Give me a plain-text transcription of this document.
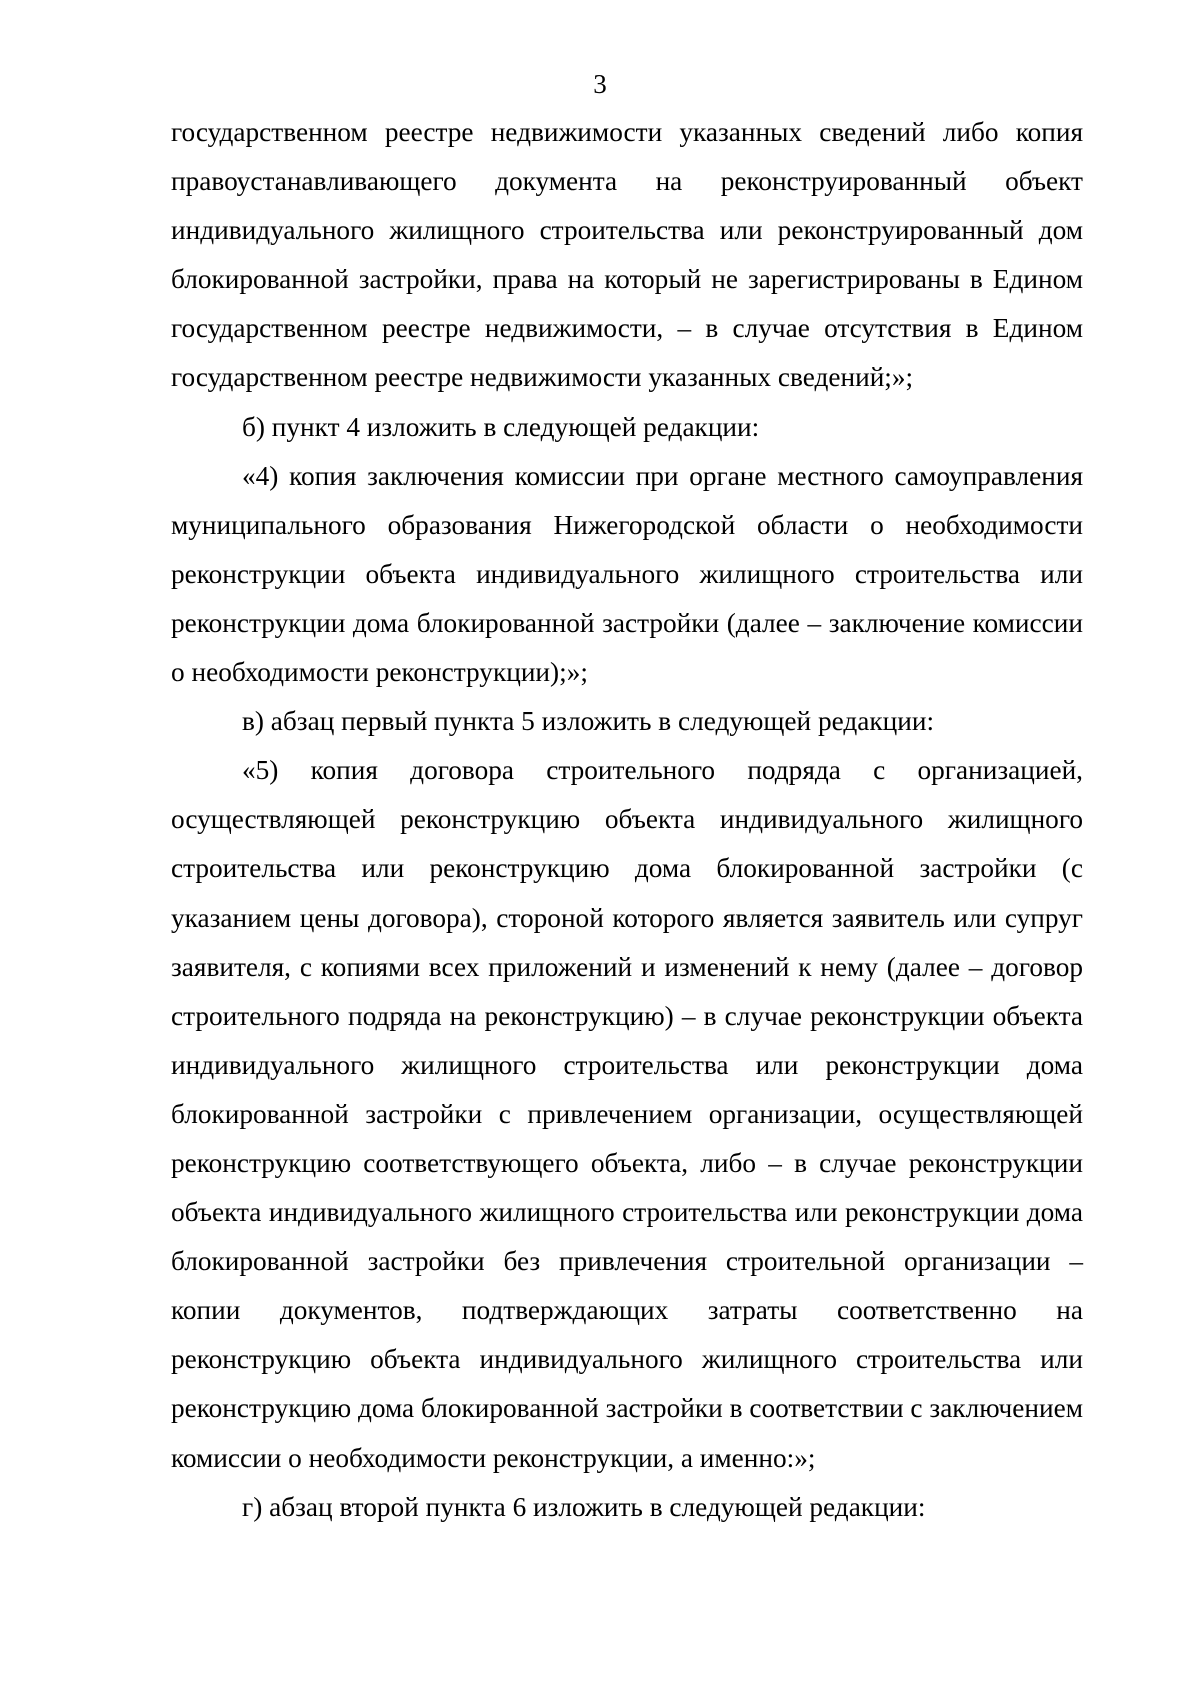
3

государственном реестре недвижимости указанных сведений либо копия правоустанавливающего документа на реконструированный объект индивидуального жилищного строительства или реконструированный дом блокированной застройки, права на который не зарегистрированы в Едином государственном реестре недвижимости, – в случае отсутствия в Едином государственном реестре недвижимости указанных сведений;»;

б) пункт 4 изложить в следующей редакции:

«4) копия заключения комиссии при органе местного самоуправления муниципального образования Нижегородской области о необходимости реконструкции объекта индивидуального жилищного строительства или реконструкции дома блокированной застройки (далее – заключение комиссии о необходимости реконструкции);»;

в) абзац первый пункта 5 изложить в следующей редакции:

«5) копия договора строительного подряда с организацией, осуществляющей реконструкцию объекта индивидуального жилищного строительства или реконструкцию дома блокированной застройки (с указанием цены договора), стороной которого является заявитель или супруг заявителя, с копиями всех приложений и изменений к нему (далее – договор строительного подряда на реконструкцию) – в случае реконструкции объекта индивидуального жилищного строительства или реконструкции дома блокированной застройки с привлечением организации, осуществляющей реконструкцию соответствующего объекта, либо – в случае реконструкции объекта индивидуального жилищного строительства или реконструкции дома блокированной застройки без привлечения строительной организации – копии документов, подтверждающих затраты соответственно на реконструкцию объекта индивидуального жилищного строительства или реконструкцию дома блокированной застройки в соответствии с заключением комиссии о необходимости реконструкции, а именно:»;

г) абзац второй пункта 6 изложить в следующей редакции:
